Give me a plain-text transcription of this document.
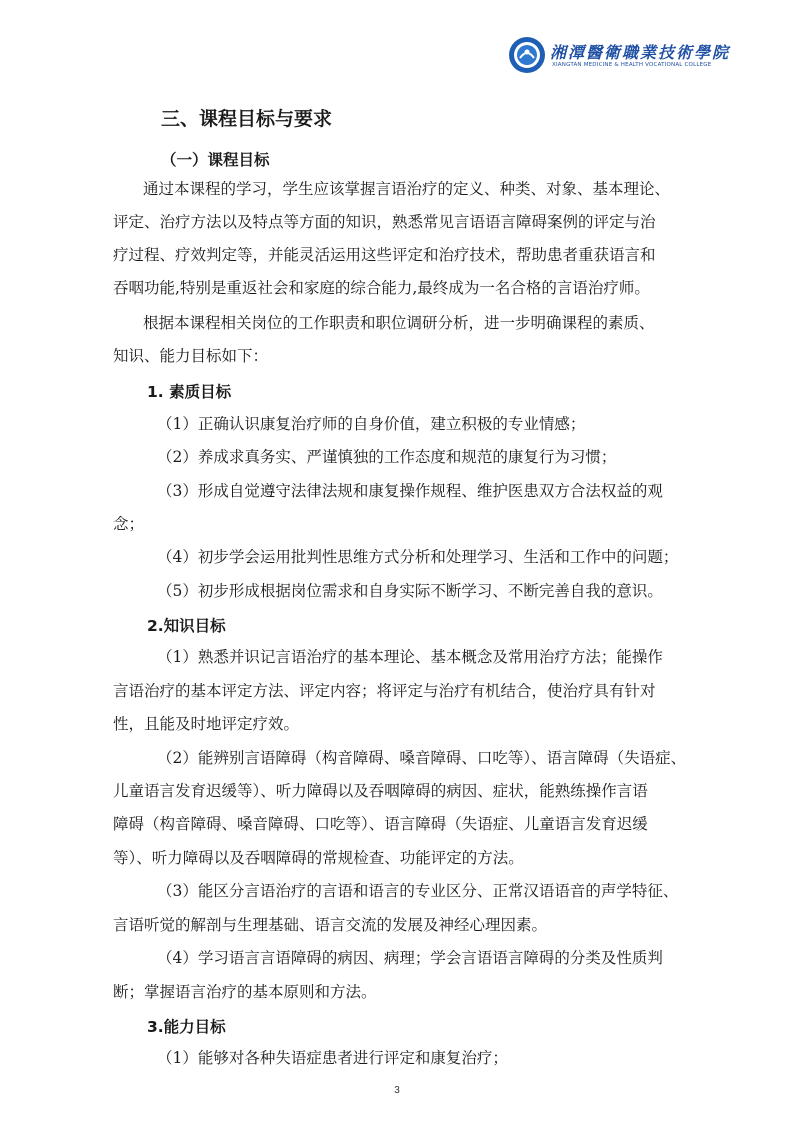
湘潭醫衛職業技術學院
XIANGTAN MEDICINE & HEALTH VOCATIONAL COLLEGE
三、课程目标与要求
（一）课程目标
通过本课程的学习，学生应该掌握言语治疗的定义、种类、对象、基本理论、
评定、治疗方法以及特点等方面的知识，熟悉常见言语语言障碍案例的评定与治
疗过程、疗效判定等，并能灵活运用这些评定和治疗技术，帮助患者重获语言和
吞咽功能,特别是重返社会和家庭的综合能力,最终成为一名合格的言语治疗师。
根据本课程相关岗位的工作职责和职位调研分析，进一步明确课程的素质、
知识、能力目标如下：
1. 素质目标
（1）正确认识康复治疗师的自身价值，建立积极的专业情感；
（2）养成求真务实、严谨慎独的工作态度和规范的康复行为习惯；
（3）形成自觉遵守法律法规和康复操作规程、维护医患双方合法权益的观
念；
（4）初步学会运用批判性思维方式分析和处理学习、生活和工作中的问题；
（5）初步形成根据岗位需求和自身实际不断学习、不断完善自我的意识。
2.知识目标
（1）熟悉并识记言语治疗的基本理论、基本概念及常用治疗方法；能操作
言语治疗的基本评定方法、评定内容；将评定与治疗有机结合，使治疗具有针对
性，且能及时地评定疗效。
（2）能辨别言语障碍（构音障碍、嗓音障碍、口吃等）、语言障碍（失语症、
儿童语言发育迟缓等）、听力障碍以及吞咽障碍的病因、症状，能熟练操作言语
障碍（构音障碍、嗓音障碍、口吃等）、语言障碍（失语症、儿童语言发育迟缓
等）、听力障碍以及吞咽障碍的常规检查、功能评定的方法。
（3）能区分言语治疗的言语和语言的专业区分、正常汉语语音的声学特征、
言语听觉的解剖与生理基础、语言交流的发展及神经心理因素。
（4）学习语言言语障碍的病因、病理；学会言语语言障碍的分类及性质判
断；掌握语言治疗的基本原则和方法。
3.能力目标
（1）能够对各种失语症患者进行评定和康复治疗；
3
